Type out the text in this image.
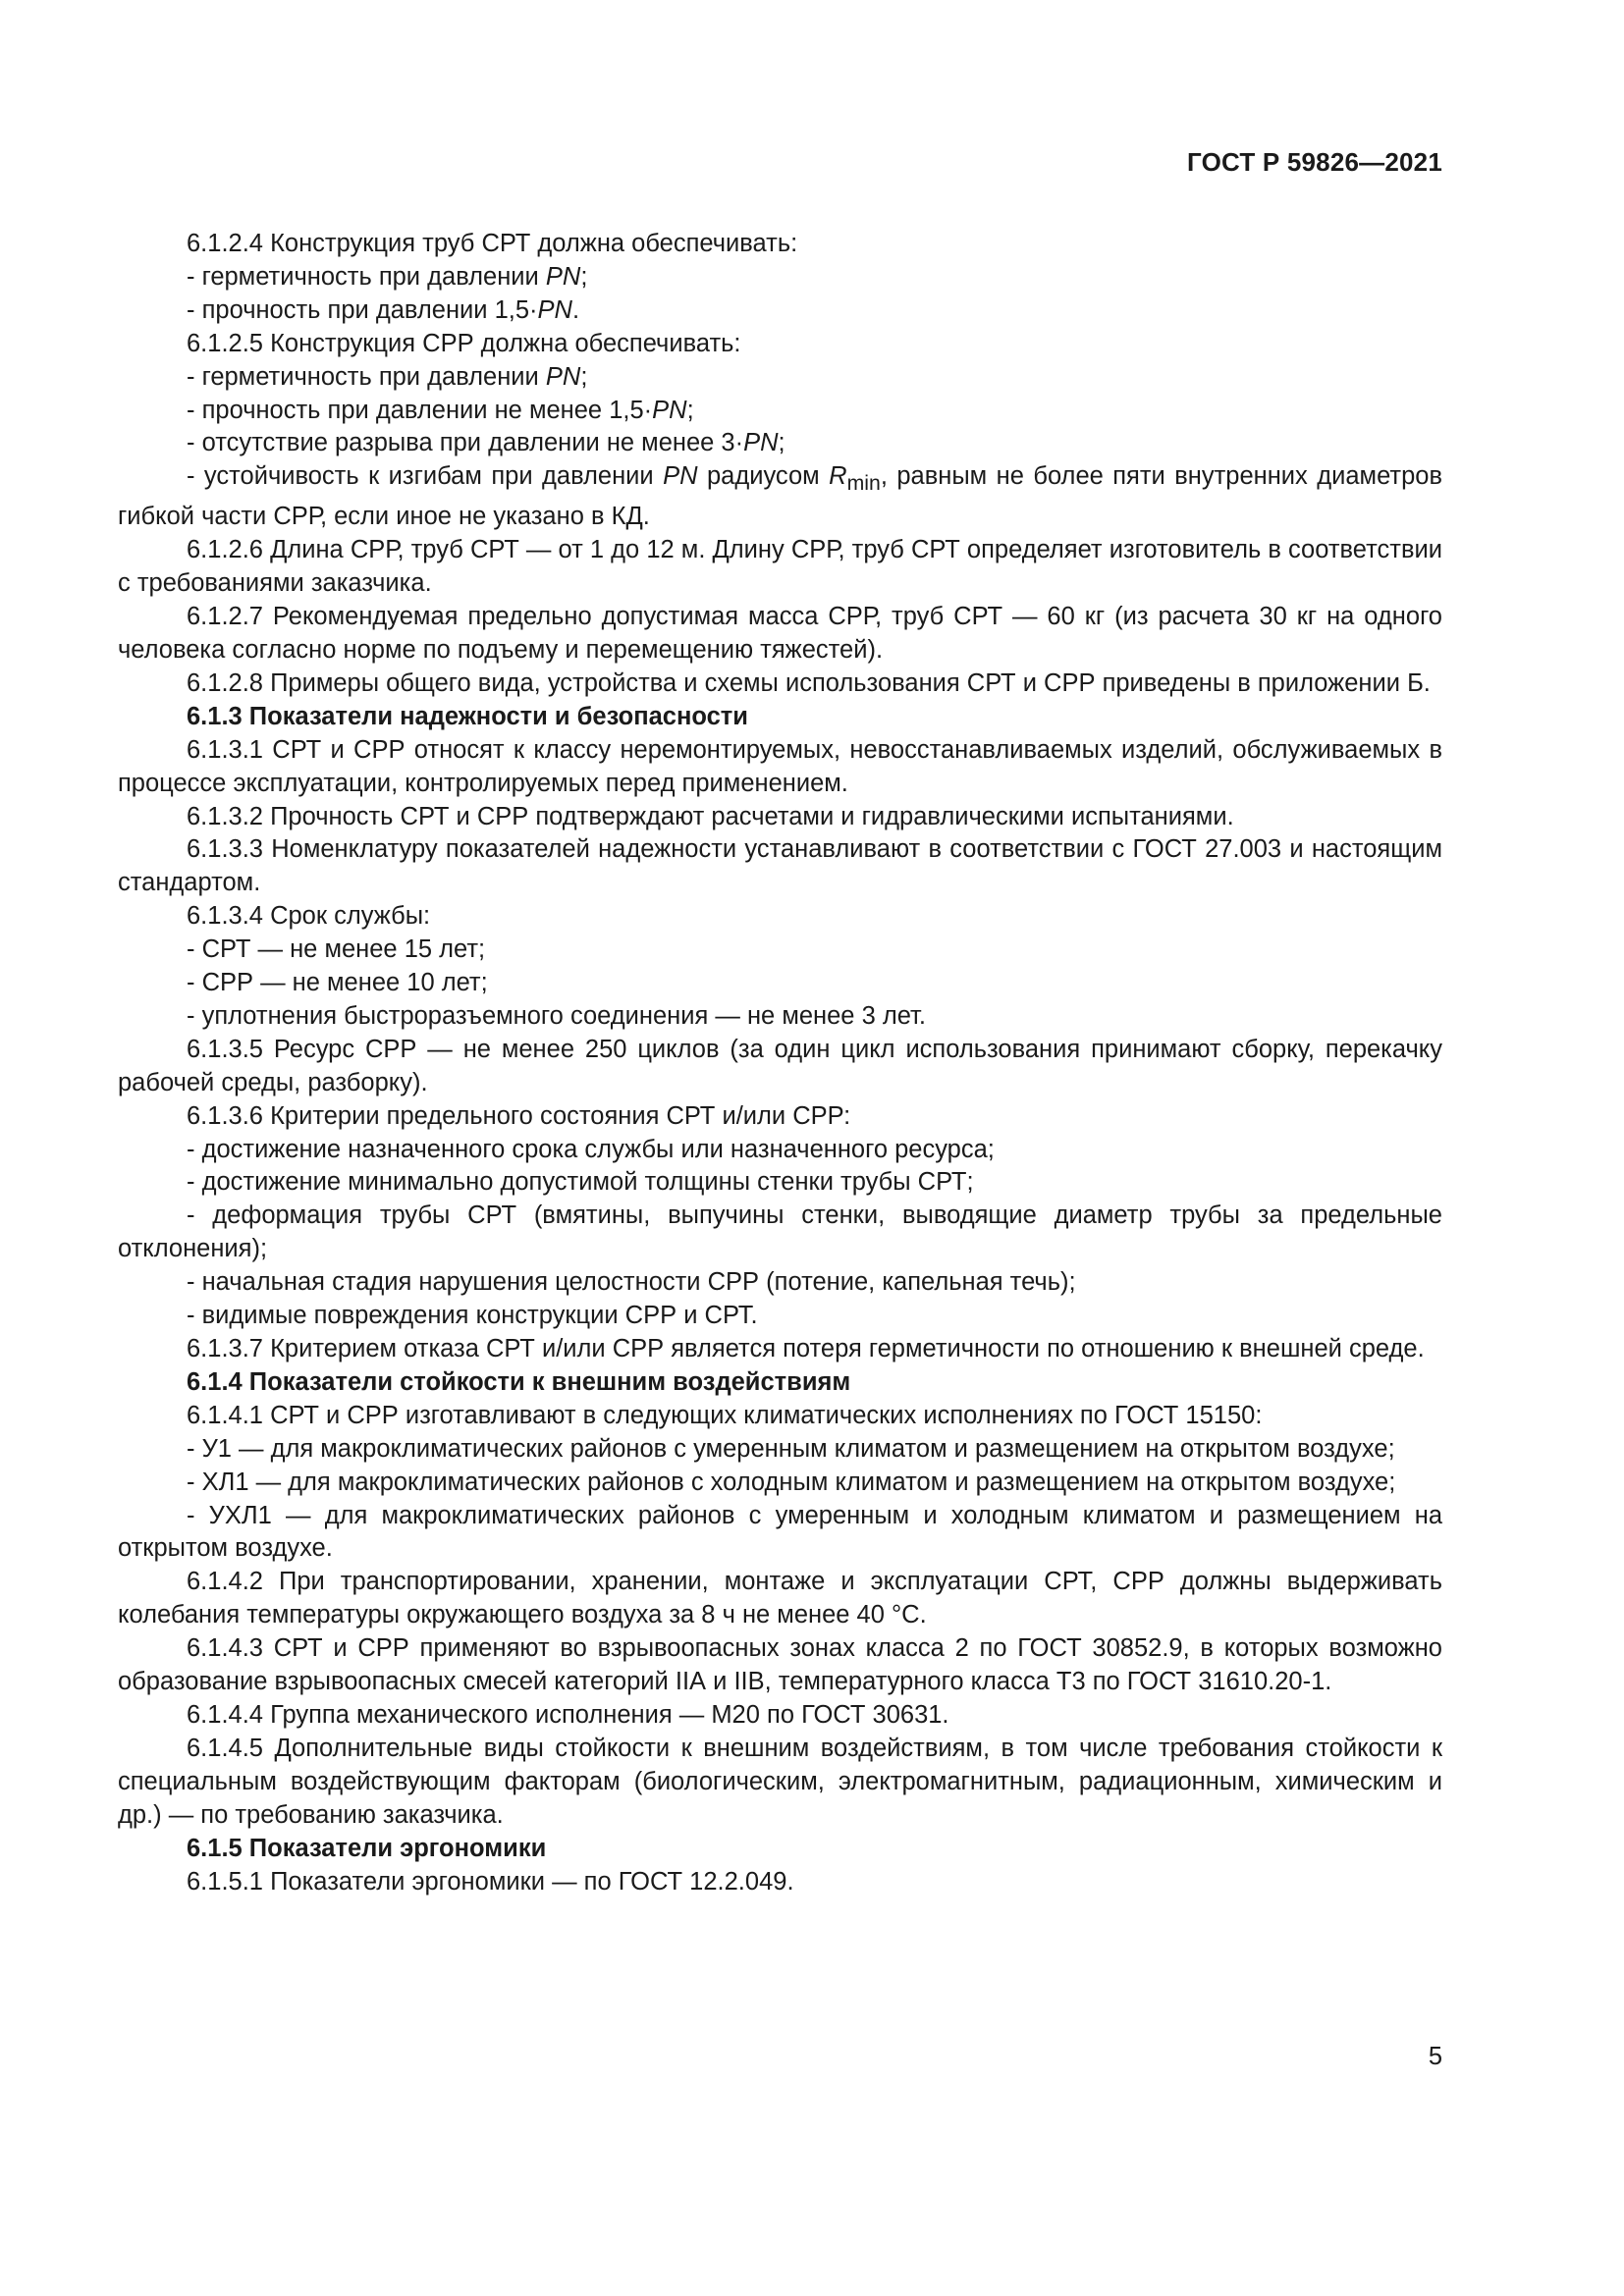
ГОСТ Р 59826—2021

6.1.2.4 Конструкция труб СРТ должна обеспечивать:

- герметичность при давлении PN;

- прочность при давлении 1,5·PN.

6.1.2.5 Конструкция СРР должна обеспечивать:

- герметичность при давлении PN;

- прочность при давлении не менее 1,5·PN;

- отсутствие разрыва при давлении не менее 3·PN;

- устойчивость к изгибам при давлении PN радиусом $R_{min}$, равным не более пяти внутренних диаметров гибкой части СРР, если иное не указано в КД.

6.1.2.6 Длина СРР, труб СРТ — от 1 до 12 м. Длину СРР, труб СРТ определяет изготовитель в соответствии с требованиями заказчика.

6.1.2.7 Рекомендуемая предельно допустимая масса СРР, труб СРТ — 60 кг (из расчета 30 кг на одного человека согласно норме по подъему и перемещению тяжестей).

6.1.2.8 Примеры общего вида, устройства и схемы использования СРТ и СРР приведены в приложении Б.

6.1.3 Показатели надежности и безопасности

6.1.3.1 СРТ и СРР относят к классу неремонтируемых, невосстанавливаемых изделий, обслуживаемых в процессе эксплуатации, контролируемых перед применением.

6.1.3.2 Прочность СРТ и СРР подтверждают расчетами и гидравлическими испытаниями.

6.1.3.3 Номенклатуру показателей надежности устанавливают в соответствии с ГОСТ 27.003 и настоящим стандартом.

6.1.3.4 Срок службы:

- СРТ — не менее 15 лет;

- СРР — не менее 10 лет;

- уплотнения быстроразъемного соединения — не менее 3 лет.

6.1.3.5 Ресурс СРР — не менее 250 циклов (за один цикл использования принимают сборку, перекачку рабочей среды, разборку).

6.1.3.6 Критерии предельного состояния СРТ и/или СРР:

- достижение назначенного срока службы или назначенного ресурса;

- достижение минимально допустимой толщины стенки трубы СРТ;

- деформация трубы СРТ (вмятины, выпучины стенки, выводящие диаметр трубы за предельные отклонения);

- начальная стадия нарушения целостности СРР (потение, капельная течь);

- видимые повреждения конструкции СРР и СРТ.

6.1.3.7 Критерием отказа СРТ и/или СРР является потеря герметичности по отношению к внешней среде.

6.1.4 Показатели стойкости к внешним воздействиям

6.1.4.1 СРТ и СРР изготавливают в следующих климатических исполнениях по ГОСТ 15150:

- У1 — для макроклиматических районов с умеренным климатом и размещением на открытом воздухе;

- ХЛ1 — для макроклиматических районов с холодным климатом и размещением на открытом воздухе;

- УХЛ1 — для макроклиматических районов с умеренным и холодным климатом и размещением на открытом воздухе.

6.1.4.2 При транспортировании, хранении, монтаже и эксплуатации СРТ, СРР должны выдерживать колебания температуры окружающего воздуха за 8 ч не менее 40 °С.

6.1.4.3 СРТ и СРР применяют во взрывоопасных зонах класса 2 по ГОСТ 30852.9, в которых возможно образование взрывоопасных смесей категорий IIА и IIВ, температурного класса Т3 по ГОСТ 31610.20-1.

6.1.4.4 Группа механического исполнения — М20 по ГОСТ 30631.

6.1.4.5 Дополнительные виды стойкости к внешним воздействиям, в том числе требования стойкости к специальным воздействующим факторам (биологическим, электромагнитным, радиационным, химическим и др.) — по требованию заказчика.

6.1.5 Показатели эргономики

6.1.5.1 Показатели эргономики — по ГОСТ 12.2.049.

5
